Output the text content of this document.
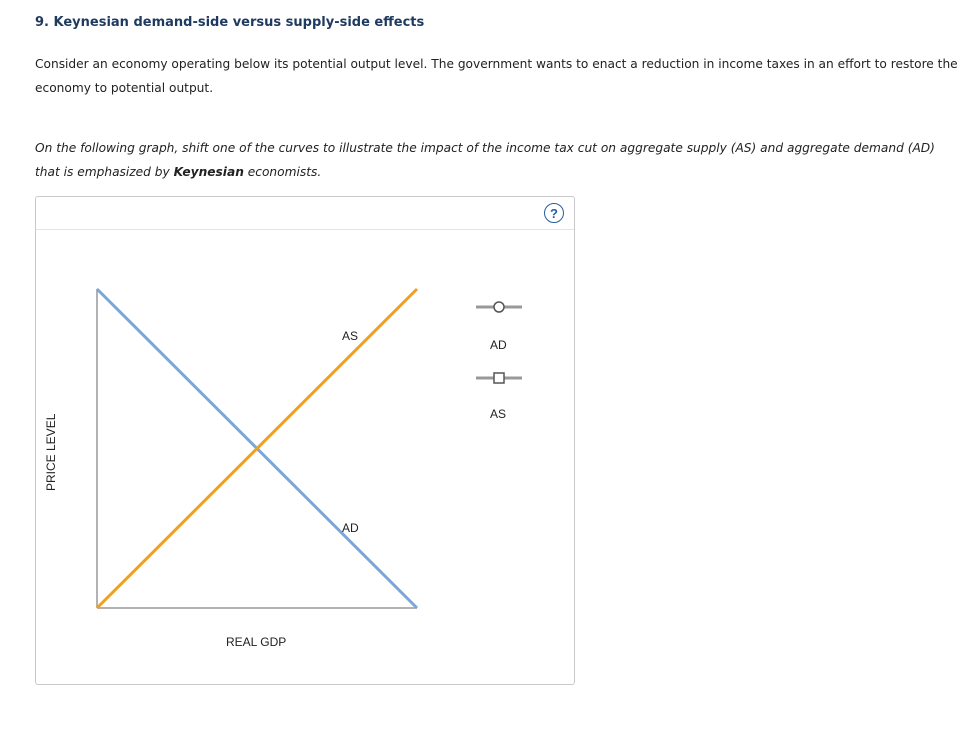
9. Keynesian demand-side versus supply-side effects
Consider an economy operating below its potential output level. The government wants to enact a reduction in income taxes in an effort to restore the economy to potential output.
On the following graph, shift one of the curves to illustrate the impact of the income tax cut on aggregate supply (AS) and aggregate demand (AD) that is emphasized by Keynesian economists.
?
AS
AD
PRICE LEVEL
REAL GDP
AD
AS
